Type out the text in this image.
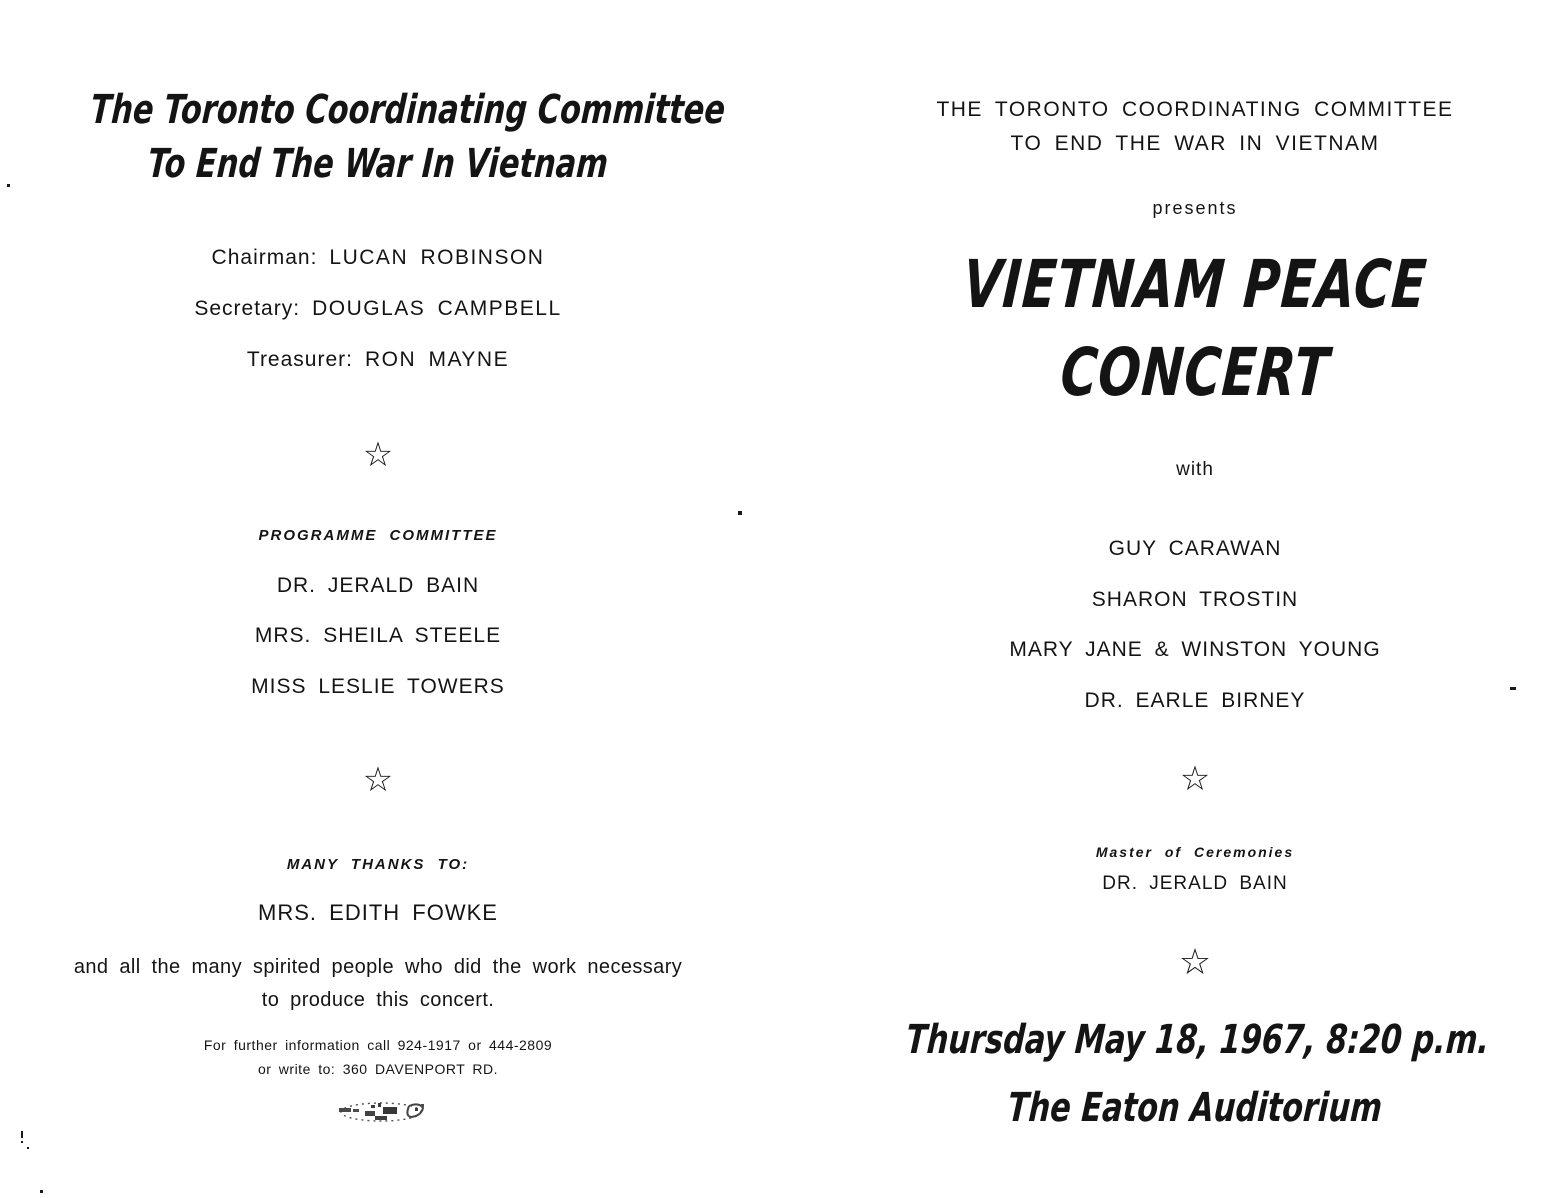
The Toronto Coordinating Committee
To End The War In Vietnam
Chairman: LUCAN ROBINSON
Secretary: DOUGLAS CAMPBELL
Treasurer: RON MAYNE
☆
PROGRAMME COMMITTEE
DR. JERALD BAIN
MRS. SHEILA STEELE
MISS LESLIE TOWERS
☆
MANY THANKS TO:
MRS. EDITH FOWKE
and all the many spirited people who did the work necessary
to produce this concert.
For further information call 924-1917 or 444-2809
or write to: 360 DAVENPORT RD.
THE TORONTO COORDINATING COMMITTEE
TO END THE WAR IN VIETNAM
presents
VIETNAM PEACE
CONCERT
with
GUY CARAWAN
SHARON TROSTIN
MARY JANE & WINSTON YOUNG
DR. EARLE BIRNEY
☆
Master of Ceremonies
DR. JERALD BAIN
☆
Thursday May 18, 1967, 8:20 p.m.
The Eaton Auditorium
